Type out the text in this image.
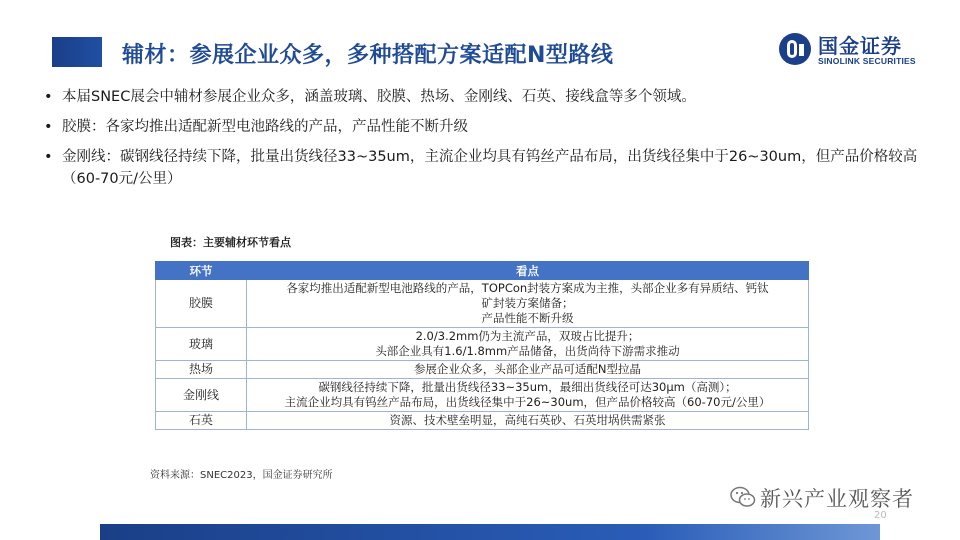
辅材：参展企业众多，多种搭配方案适配N型路线	国金证券
SINOLINK SECURITIES
• 本届SNEC展会中辅材参展企业众多，涵盖玻璃、胶膜、热场、金刚线、石英、接线盒等多个领域。
• 胶膜：各家均推出适配新型电池路线的产品，产品性能不断升级
• 金刚线：碳钢线径持续下降，批量出货线径33~35um，主流企业均具有钨丝产品布局，出货线径集中于26~30um，但产品价格较高（60-70元/公里）
图表：主要辅材环节看点
环节	看点
胶膜	各家均推出适配新型电池路线的产品，TOPCon封装方案成为主推，头部企业多有异质结、钙钛
矿封装方案储备；
产品性能不断升级

玻璃	2.0/3.2mm仍为主流产品，双玻占比提升；
头部企业具有1.6/1.8mm产品储备，出货尚待下游需求推动

热场	参展企业众多，头部企业产品可适配N型拉晶

金刚线	碳钢线径持续下降，批量出货线径33~35um，最细出货线径可达30μm（高测）；
主流企业均具有钨丝产品布局，出货线径集中于26~30um，但产品价格较高（60-70元/公里）

石英	资源、技术壁垒明显，高纯石英砂、石英坩埚供需紧张
资料来源：SNEC2023，国金证券研究所
新兴产业观察者
20
